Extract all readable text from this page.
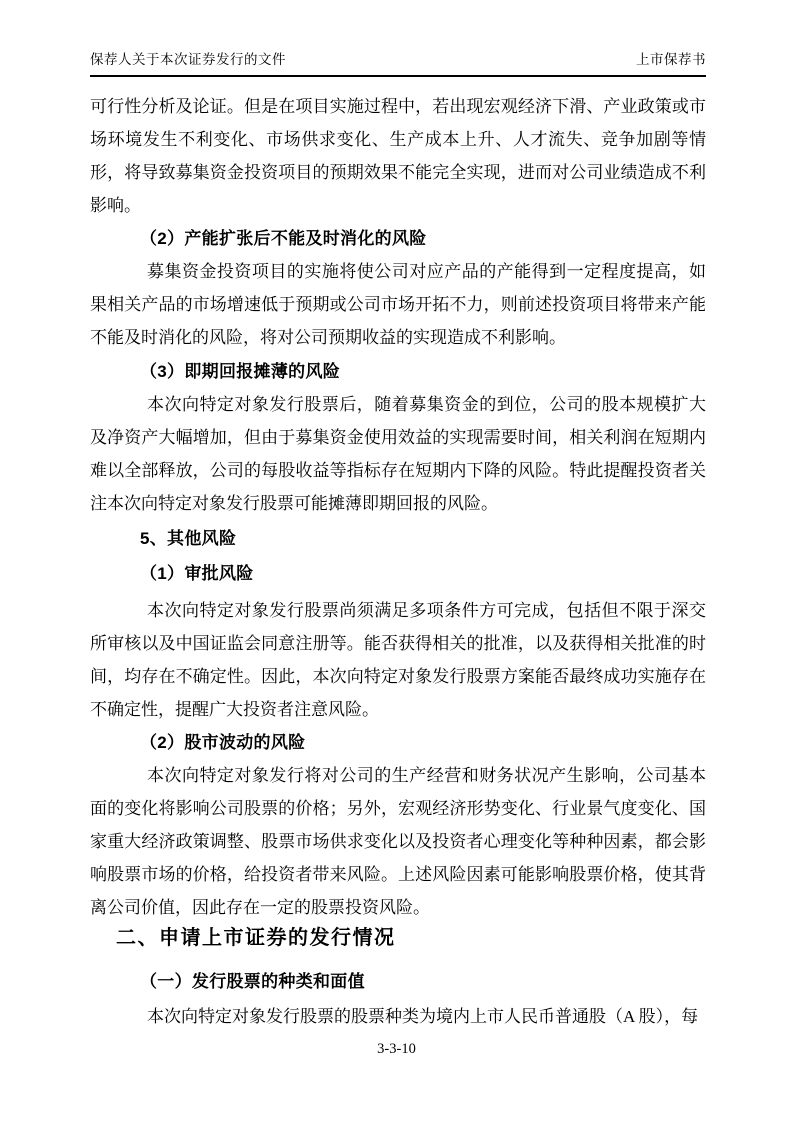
保荐人关于本次证券发行的文件	上市保荐书

可行性分析及论证。但是在项目实施过程中，若出现宏观经济下滑、产业政策或市场环境发生不利变化、市场供求变化、生产成本上升、人才流失、竞争加剧等情形，将导致募集资金投资项目的预期效果不能完全实现，进而对公司业绩造成不利影响。

（2）产能扩张后不能及时消化的风险

募集资金投资项目的实施将使公司对应产品的产能得到一定程度提高，如果相关产品的市场增速低于预期或公司市场开拓不力，则前述投资项目将带来产能不能及时消化的风险，将对公司预期收益的实现造成不利影响。

（3）即期回报摊薄的风险

本次向特定对象发行股票后，随着募集资金的到位，公司的股本规模扩大及净资产大幅增加，但由于募集资金使用效益的实现需要时间，相关利润在短期内难以全部释放，公司的每股收益等指标存在短期内下降的风险。特此提醒投资者关注本次向特定对象发行股票可能摊薄即期回报的风险。

5、其他风险
（1）审批风险

本次向特定对象发行股票尚须满足多项条件方可完成，包括但不限于深交所审核以及中国证监会同意注册等。能否获得相关的批准，以及获得相关批准的时间，均存在不确定性。因此，本次向特定对象发行股票方案能否最终成功实施存在不确定性，提醒广大投资者注意风险。

（2）股市波动的风险

本次向特定对象发行将对公司的生产经营和财务状况产生影响，公司基本面的变化将影响公司股票的价格；另外，宏观经济形势变化、行业景气度变化、国家重大经济政策调整、股票市场供求变化以及投资者心理变化等种种因素，都会影响股票市场的价格，给投资者带来风险。上述风险因素可能影响股票价格，使其背离公司价值，因此存在一定的股票投资风险。

二、申请上市证券的发行情况
（一）发行股票的种类和面值

本次向特定对象发行股票的股票种类为境内上市人民币普通股（A 股），每

3-3-10
